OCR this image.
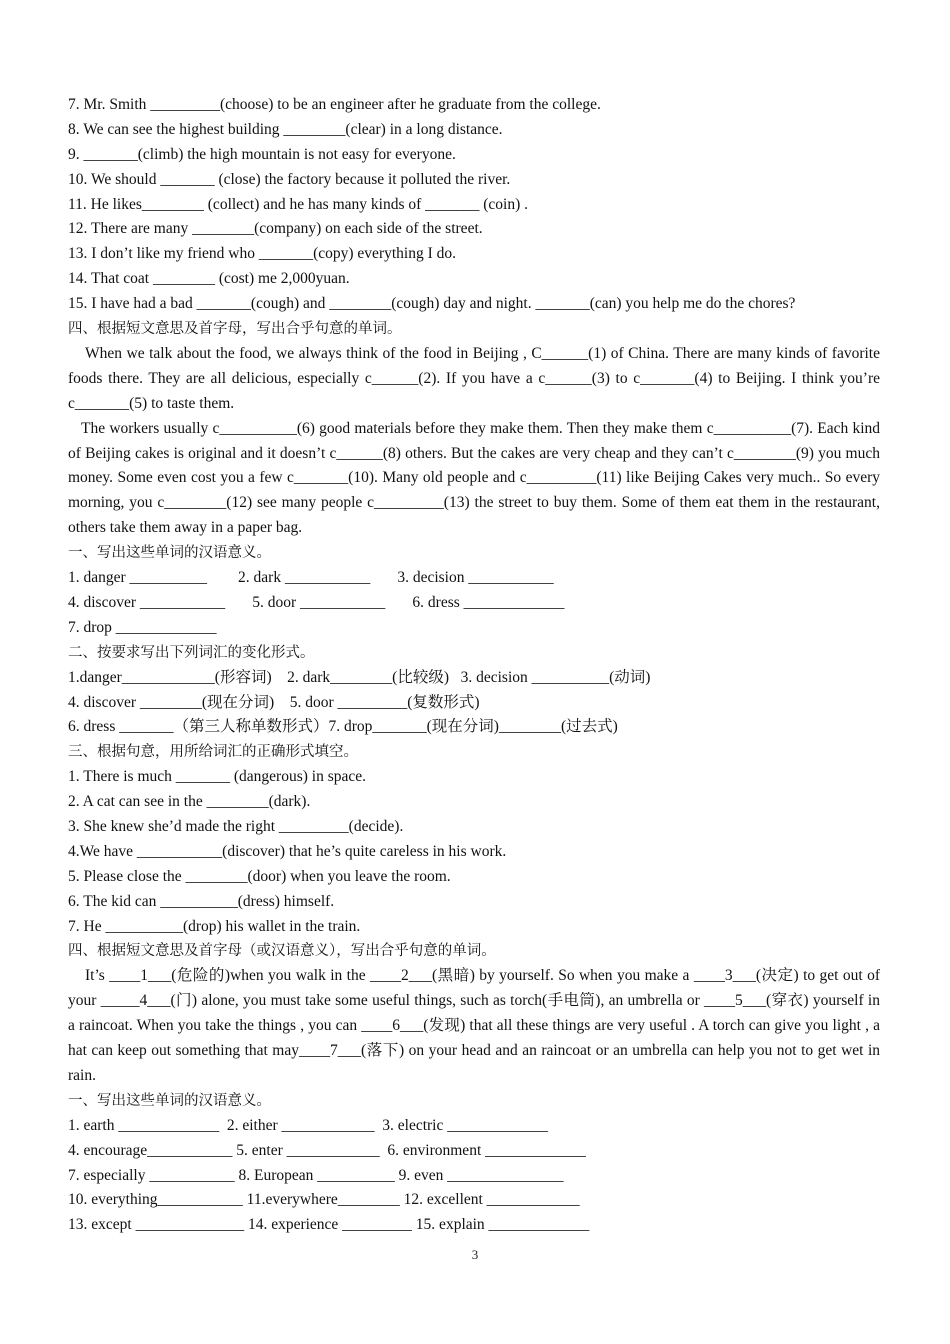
7. Mr. Smith _________(choose) to be an engineer after he graduate from the college.
8. We can see the highest building ________(clear) in a long distance.
9. _______(climb) the high mountain is not easy for everyone.
10. We should _______ (close) the factory because it polluted the river.
11. He likes________ (collect) and he has many kinds of _______ (coin) .
12. There are many ________(company) on each side of the street.
13. I don’t like my friend who _______(copy) everything I do.
14. That coat ________ (cost) me 2,000yuan.
15. I have had a bad _______(cough) and ________(cough) day and night. _______(can) you help me do the chores?
四、根据短文意思及首字母，写出合乎句意的单词。
When we talk about the food, we always think of the food in Beijing , C______(1) of China. There are many kinds of favorite foods there. They are all delicious, especially c______(2). If you have a c______(3) to c_______(4) to Beijing. I think you’re c_______(5) to taste them.
The workers usually c__________(6) good materials before they make them. Then they make them c__________(7). Each kind of Beijing cakes is original and it doesn’t c______(8) others. But the cakes are very cheap and they can’t c________(9) you much money. Some even cost you a few c_______(10). Many old people and c_________(11) like Beijing Cakes very much.. So every morning, you c________(12) see many people c_________(13) the street to buy them. Some of them eat them in the restaurant, others take them away in a paper bag.
一、写出这些单词的汉语意义。
1. danger __________        2. dark ___________       3. decision ___________
4. discover ___________       5. door ___________       6. dress _____________
7. drop _____________
二、按要求写出下列词汇的变化形式。
1.danger____________(形容词)    2. dark________(比较级)   3. decision __________(动词)
4. discover ________(现在分词)    5. door _________(复数形式)
6. dress _______（第三人称单数形式）7. drop_______(现在分词)________(过去式)
三、根据句意，用所给词汇的正确形式填空。
1. There is much _______ (dangerous) in space.
2. A cat can see in the ________(dark).
3. She knew she’d made the right _________(decide).
4.We have ___________(discover) that he’s quite careless in his work.
5. Please close the ________(door) when you leave the room.
6. The kid can __________(dress) himself.
7. He __________(drop) his wallet in the train.
四、根据短文意思及首字母（或汉语意义），写出合乎句意的单词。
It’s ____1___(危险的)when you walk in the ____2___(黑暗) by yourself. So when you make a ____3___(决定) to get out of your _____4___(门) alone, you must take some useful things, such as torch(手电筒), an umbrella or ____5___(穿衣) yourself in a raincoat. When you take the things , you can ____6___(发现) that all these things are very useful . A torch can give you light , a hat can keep out something that may____7___(落下) on your head and an raincoat or an umbrella can help you not to get wet in rain.
一、写出这些单词的汉语意义。
1. earth _____________  2. either ____________  3. electric _____________
4. encourage___________ 5. enter ____________  6. environment _____________
7. especially ___________ 8. European __________ 9. even _______________
10. everything___________ 11.everywhere________ 12. excellent ____________
13. except ______________ 14. experience _________ 15. explain _____________
3
